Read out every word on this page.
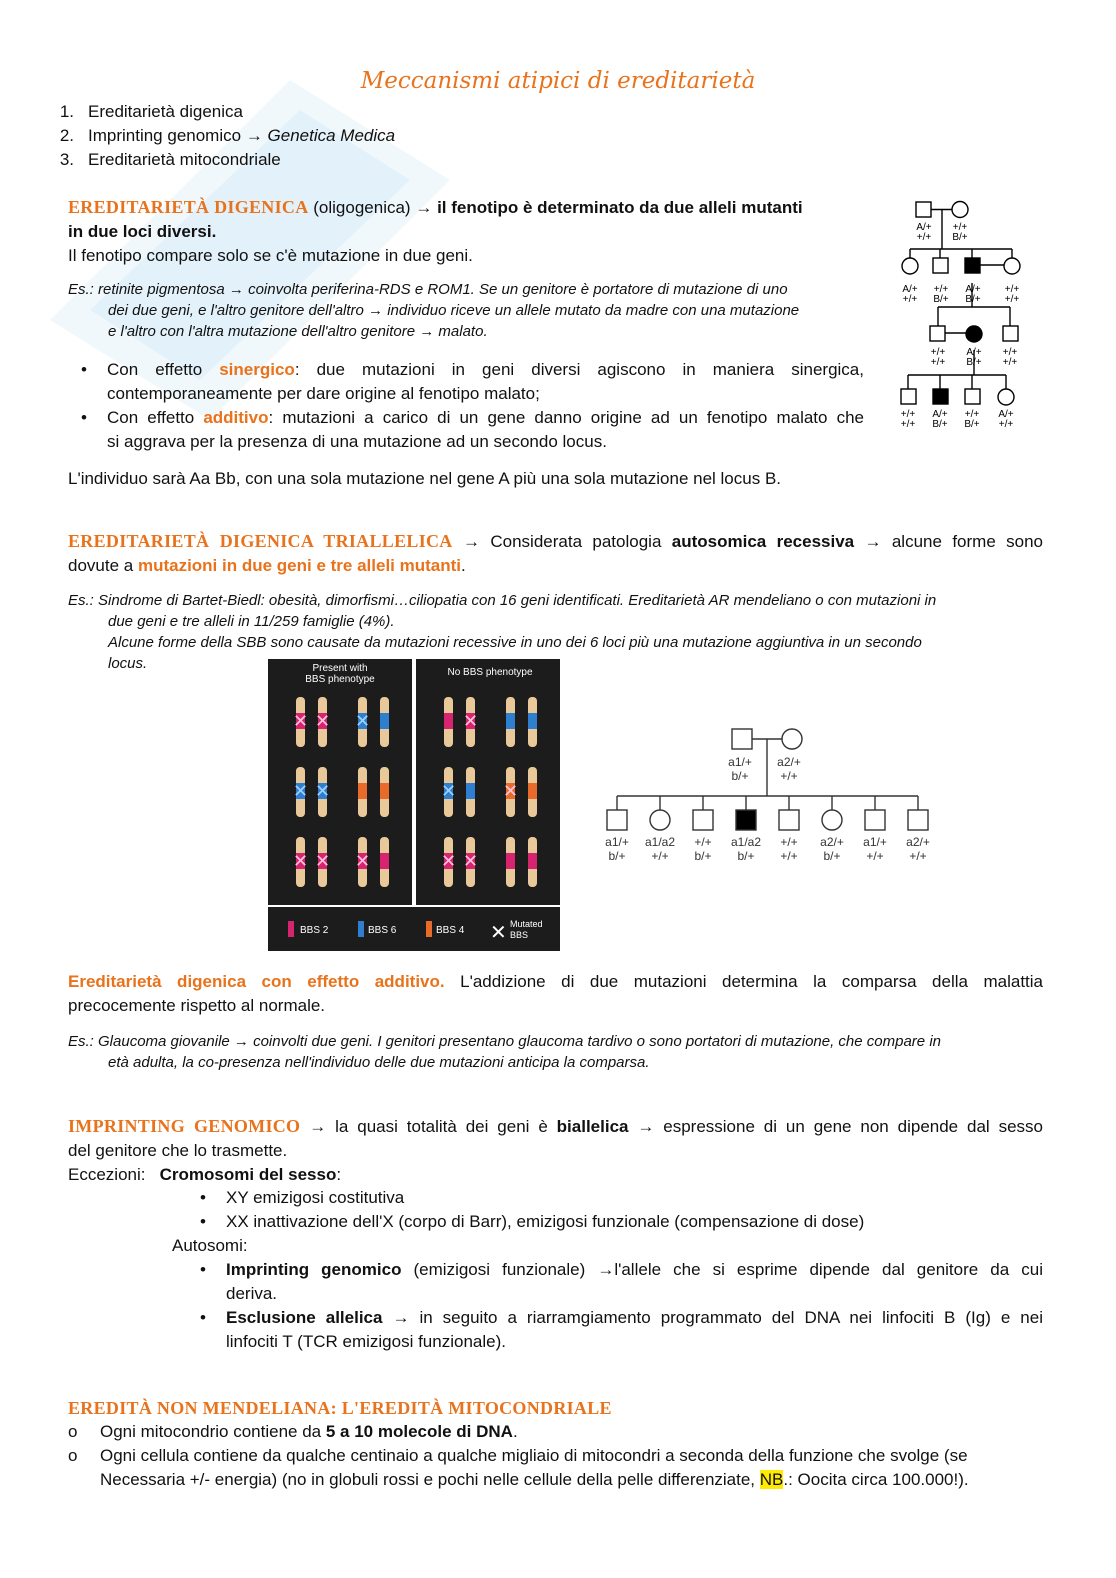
Meccanismi atipici di ereditarietà
1. Ereditarietà digenica
2. Imprinting genomico → Genetica Medica
3. Ereditarietà mitocondriale
EREDITARIETÀ DIGENICA (oligogenica) → il fenotipo è determinato da due alleli mutanti
in due loci diversi.
Il fenotipo compare solo se c'è mutazione in due geni.
Es.: retinite pigmentosa → coinvolta periferina-RDS e ROM1. Se un genitore è portatore di mutazione di uno
dei due geni, e l'altro genitore dell'altro → individuo riceve un allele mutato da madre con una mutazione
e l'altro con l'altra mutazione dell'altro genitore → malato.
• Con effetto sinergico: due mutazioni in geni diversi agiscono in maniera sinergica,
contemporaneamente per dare origine al fenotipo malato;
• Con effetto additivo: mutazioni a carico di un gene danno origine ad un fenotipo malato che
si aggrava per la presenza di una mutazione ad un secondo locus.
L'individuo sarà Aa Bb, con una sola mutazione nel gene A più una sola mutazione nel locus B.
A/+
+/+
+/+
B/+
A/+
+/+
+/+
B/+
A/+
B/+
+/+
+/+
+/+
+/+
A/+
B/+
+/+
+/+
+/+
+/+
A/+
B/+
+/+
B/+
A/+
+/+
EREDITARIETÀ DIGENICA TRIALLELICA → Considerata patologia autosomica recessiva → alcune forme sono
dovute a mutazioni in due geni e tre alleli mutanti.
Es.: Sindrome di Bartet-Biedl: obesità, dimorfismi…ciliopatia con 16 geni identificati. Ereditarietà AR mendeliano o con mutazioni in
due geni e tre alleli in 11/259 famiglie (4%).
Alcune forme della SBB sono causate da mutazioni recessive in uno dei 6 loci più una mutazione aggiuntiva in un secondo
locus.	Present with
BBS phenotype
No BBS phenotype
✕ ✕ ✕
✕ ✕
✕ ✕ ✕
✕
✕	✕
✕ ✕
BBS 2	BBS 6	BBS 4 ✕ Mutated
BBS
a1/+
b/+
a1/a2
+/+
+/+
b/+
a1/a2
b/+
+/+
+/+
a2/+
b/+
a1/+
+/+
a2/+
+/+
a1/+
b/+
a2/+
+/+
Ereditarietà digenica con effetto additivo. L'addizione di due mutazioni determina la comparsa della malattia
precocemente rispetto al normale.
Es.: Glaucoma giovanile → coinvolti due geni. I genitori presentano glaucoma tardivo o sono portatori di mutazione, che compare in
età adulta, la co-presenza nell'individuo delle due mutazioni anticipa la comparsa.
IMPRINTING GENOMICO → la quasi totalità dei geni è biallelica → espressione di un gene non dipende dal sesso
del genitore che lo trasmette.
Eccezioni: Cromosomi del sesso:
• XY emizigosi costitutiva
• XX inattivazione dell'X (corpo di Barr), emizigosi funzionale (compensazione di dose)
Autosomi:
• Imprinting genomico (emizigosi funzionale) →l'allele che si esprime dipende dal genitore da cui
deriva.
• Esclusione allelica → in seguito a riarramgiamento programmato del DNA nei linfociti B (Ig) e nei
linfociti T (TCR emizigosi funzionale).
EREDITÀ NON MENDELIANA: L'EREDITÀ MITOCONDRIALE
o Ogni mitocondrio contiene da 5 a 10 molecole di DNA.
o Ogni cellula contiene da qualche centinaio a qualche migliaio di mitocondri a seconda della funzione che svolge (se
Necessaria +/- energia) (no in globuli rossi e pochi nelle cellule della pelle differenziate, NB.: Oocita circa 100.000!).
